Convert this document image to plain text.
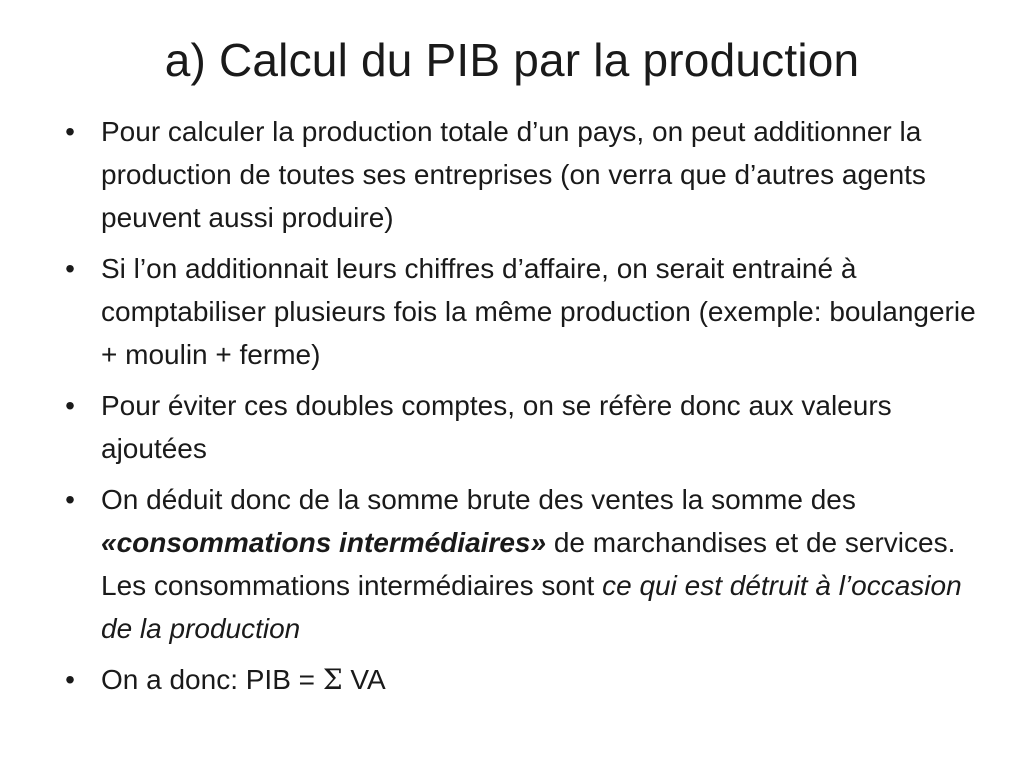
a) Calcul du PIB par la production
• Pour calculer la production totale d’un pays, on peut additionner la production de toutes ses entreprises (on verra que d’autres agents peuvent aussi produire)
• Si l’on additionnait leurs chiffres d’affaire, on serait entrainé à comptabiliser plusieurs fois la même production (exemple: boulangerie + moulin + ferme)
• Pour éviter ces doubles comptes, on se réfère donc aux valeurs ajoutées
• On déduit donc de la somme brute des ventes la somme des «consommations intermédiaires» de marchandises et de services. Les consommations intermédiaires sont ce qui est détruit à l’occasion de la production
• On a donc: PIB = Σ VA
